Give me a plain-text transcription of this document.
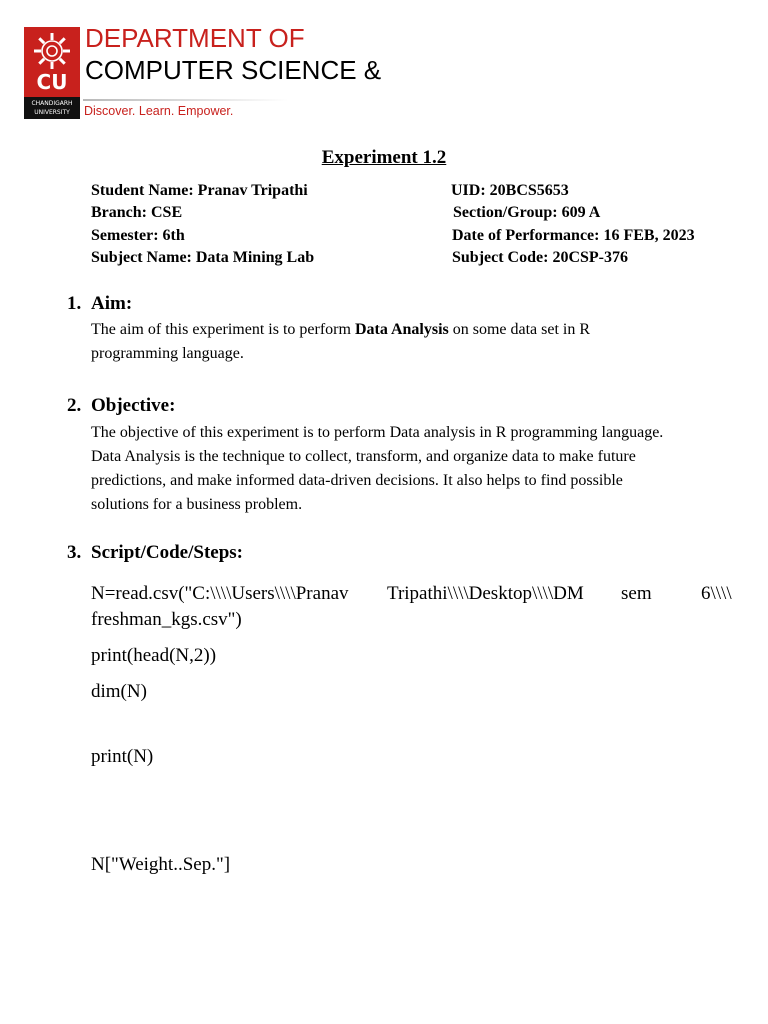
CU
CHANDIGARH UNIVERSITY
DEPARTMENT OF
COMPUTER SCIENCE &
Discover. Learn. Empower.
Experiment 1.2
Student Name: Pranav Tripathi	UID: 20BCS5653
Branch: CSE	Section/Group: 609 A
Semester: 6th	Date of Performance: 16 FEB, 2023
Subject Name: Data Mining Lab	Subject Code: 20CSP-376
1. Aim:
The aim of this experiment is to perform Data Analysis on some data set in R programming language.
2. Objective:
The objective of this experiment is to perform Data analysis in R programming language.
Data Analysis is the technique to collect, transform, and organize data to make future
predictions, and make informed data-driven decisions. It also helps to find possible
solutions for a business problem.
3. Script/Code/Steps:
N=read.csv("C:\\\\Users\\\\Pranav Tripathi\\\\Desktop\\\\DM sem	6\\\\
freshman_kgs.csv")
print(head(N,2))
dim(N)
print(N)
N["Weight..Sep."]
